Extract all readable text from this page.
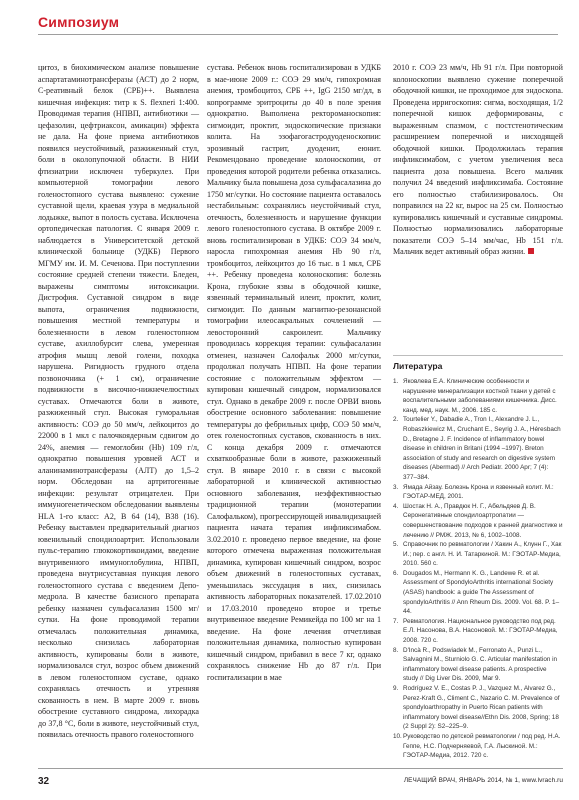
Симпозиум

цитоз, в биохимическом анализе повышение аспартатаминотрансферазы (АСТ) до 2 норм, С-реативный белок (СРБ)++. Выявлена кишечная инфекция: титр к S. flexneri 1:400. Проводимая терапия (НПВП, антибиотики — цефазолин, цефтриаксон, амикацин) эффекта не дала. На фоне приема антибиотиков появился неустойчивый, разжиженный стул, боли в околопупочной области. В НИИ фтизиатрии исключен туберкулез. При компьютерной томографии левого голеностопного сустава выявлено: сужение суставной щели, краевая узура в медиальной лодыжке, выпот в полость сустава. Исключена ортопедическая патология. С января 2009 г. наблюдается в Университетской детской клинической больнице (УДКБ) Первого МГМУ им. И. М. Сеченова. При поступлении состояние средней степени тяжести. Бледен, выражены симптомы интоксикации. Дистрофия. Суставной синдром в виде выпота, ограничения подвижности, повышения местной температуры и болезненности в левом голеностопном суставе, ахиллобурсит слева, умеренная атрофия мышц левой голени, походка нарушена. Ригидность грудного отдела позвоночника (+ 1 см), ограничение подвижности в височно-нижнечелюстных суставах. Отмечаются боли в животе, разжиженный стул. Высокая гуморальная активность: СОЭ до 50 мм/ч, лейкоцитоз до 22000 в 1 мкл с палочкоядерным сдвигом до 24%, анемия — гемоглобин (Hb) 109 г/л, однократно повышения уровней АСТ и аланинаминотрансферазы (АЛТ) до 1,5–2 норм. Обследован на артритогенные инфекции: результат отрицателен. При иммуногенетическом обследовании выявлены HLA 1-го класс: A2, B 64 (14), B38 (16). Ребенку выставлен предварительный диагноз ювенильный спондилоартрит. Использовали пульс-терапию глюкокортикоидами, введение внутривенного иммуноглобулина, НПВП, проведена внутрисуставная пункция левого голеностопного сустава с введением Депо-медрола. В качестве базисного препарата ребенку назначен сульфасалазин 1500 мг/сутки. На фоне проводимой терапии отмечалась положительная динамика, несколько снизилась лабораторная активность, купированы боли в животе, нормализовался стул, возрос объем движений в левом голеностопном суставе, однако сохранялась отечность и утренняя скованность в нем. В марте 2009 г. вновь обострение суставного синдрома, лихорадка до 37,8 °С, боли в животе, неустойчивый стул, появилась отечность правого голеностопного

сустава. Ребенок вновь госпитализирован в УДКБ в мае-июне 2009 г.: СОЭ 29 мм/ч, гипохромная анемия, тромбоцитоз, СРБ ++, IgG 2150 мг/дл, в копрограмме эритроциты до 40 в поле зрения однократно. Выполнена ректороманоскопия: сигмоидит, проктит, эндоскопические признаки колита. На эзофагогастродуоденоскопии: эрозивный гастрит, дуоденит, еюнит. Рекомендовано проведение колоноскопии, от проведения которой родители ребенка отказались. Мальчику была повышена доза сульфасалазина до 1750 мг/сутки. Но состояние пациента оставалось нестабильным: сохранялись неустойчивый стул, отечность, болезненность и нарушение функции левого голеностопного сустава. В октябре 2009 г. вновь госпитализирован в УДКБ: СОЭ 34 мм/ч, наросла гипохромная анемия Hb 90 г/л, тромбоцитоз, лейкоцитоз до 16 тыс. в 1 мкл, СРБ ++. Ребенку проведена колоноскопия: болезнь Крона, глубокие язвы в ободочной кишке, язвенный терминальный илеит, проктит, колит, сигмоидит. По данным магнитно-резонансной томографии илеосакральных сочленений — левосторонний сакроилеит. Мальчику проводилась коррекция терапии: сульфасалазин отменен, назначен Салофальк 2000 мг/сутки, продолжал получать НПВП. На фоне терапии состояние с положительным эффектом — купирован кишечный синдром, нормализовался стул. Однако в декабре 2009 г. после ОРВИ вновь обострение основного заболевания: повышение температуры до фебрильных цифр, СОЭ 50 мм/ч, отек голеностопных суставов, скованность в них. С конца декабря 2009 г. отмечаются схваткообразные боли в животе, разжиженный стул. В январе 2010 г. в связи с высокой лабораторной и клинической активностью основного заболевания, неэффективностью традиционной терапии (монотерапии Салофальком), прогрессирующей инвалидизацией пациента начата терапия инфликсимабом. 3.02.2010 г. проведено первое введение, на фоне которого отмечена выраженная положительная динамика, купирован кишечный синдром, возрос объем движений в голеностопных суставах, уменьшилась экссудация в них, снизилась активность лабораторных показателей. 17.02.2010 и 17.03.2010 проведено второе и третье внутривенное введение Ремикейда по 100 мг на 1 введение. На фоне лечения отчетливая положительная динамика, полностью купирован кишечный синдром, прибавил в весе 7 кг, однако сохранялось снижение Hb до 87 г/л. При госпитализации в мае

2010 г. СОЭ 23 мм/ч, Hb 91 г/л. При повторной колоноскопии выявлено сужение поперечной ободочной кишки, не проходимое для эндоскопа. Проведена ирригоскопия: сигмa, восходящая, 1/2 поперечной кишок деформированы, с выраженным спазмом, с постстенотическим расширением поперечной и нисходящей ободочной кишки. Продолжилась терапия инфликсимабом, с учетом увеличения веса пациента доза повышена. Всего мальчик получил 24 введений инфликсимаба. Состояние его полностью стабилизировалось. Он поправился на 22 кг, вырос на 25 см. Полностью купировались кишечный и суставные синдромы. Полностью нормализовались лабораторные показатели СОЭ 5–14 мм/час, Hb 151 г/л. Мальчик ведет активный образ жизни.

Литература
1. Яковлева Е.А. Клинические особенности и нарушение минерализации костной ткани у детей с воспалительными заболеваниями кишечника. Дисс. канд. мед. наук. М., 2006. 185 с.
2. Tourtelier Y., Dabadie A., Tron I., Alexandre J. L., Robaszkiewicz M., Cruchant E., Seyrig J. A., Héresbach D., Bretagne J. F. Incidence of inflammatory bowel disease in children in Britani (1994 –1997). Breton association of study and research on digestive system diseases (Abermad) // Arch Pediatr. 2000 Apr; 7 (4): 377–384.
3. Ямада Айзау. Болезнь Крона и язвенный колит. М.: ГЭОТАР-МЕД, 2001.
4. Шостак Н. А., Правдюк Н. Г., Абельдяев Д. В. Серонегативные спондилоартропатии — совершенствование подходов к ранней диагностике и лечению // РМЖ. 2013, № 6, 1002–1008.
5. Справочник по ревматологии / Хакин А., Клунн Г., Хак И.; пер. с англ. Н. И. Татаркиной. М.: ГЭОТАР-Медиа, 2010. 560 с.
6. Dougados M., Hermann K. G., Landewe R. et al. Assessment of SpondyloArthritis international Society (ASAS) handbook: a guide The Assessment of spondyloArthritis // Ann Rheum Dis. 2009. Vol. 68. P. 1–44.
7. Ревматология. Национальное руководство под ред. Е.Л. Насонова, В.А. Насоновой. М.: ГЭОТАР-Медиа, 2008. 720 с.
8. D'Incà R., Podswiadek M., Ferronato A., Punzi L., Salvagnini M., Sturniolo G. C. Articular manifestation in inflammatory bowel disease patients. A prospective study // Dig Liver Dis. 2009, Mar 9.
9. Rodríguez V. E., Costas P. J., Vazquez M., Alvarez G., Perez-Kraft G., Climent C., Nazario C. M. Prevalence of spondyloarthropathy in Puerto Rican patients with inflammatory bowel disease//Ethn Dis. 2008, Spring; 18 (2 Suppl 2): S2–225–9.
10. Руководство по детской ревматологии / под ред. Н.А. Геппе, Н.С. Подчерняевой, Г.А. Лыскиной. М.: ГЭОТАР-Медиа, 2012. 720 с.
32	ЛЕЧАЩИЙ ВРАЧ, ЯНВАРЬ 2014, № 1, www.lvrach.ru
